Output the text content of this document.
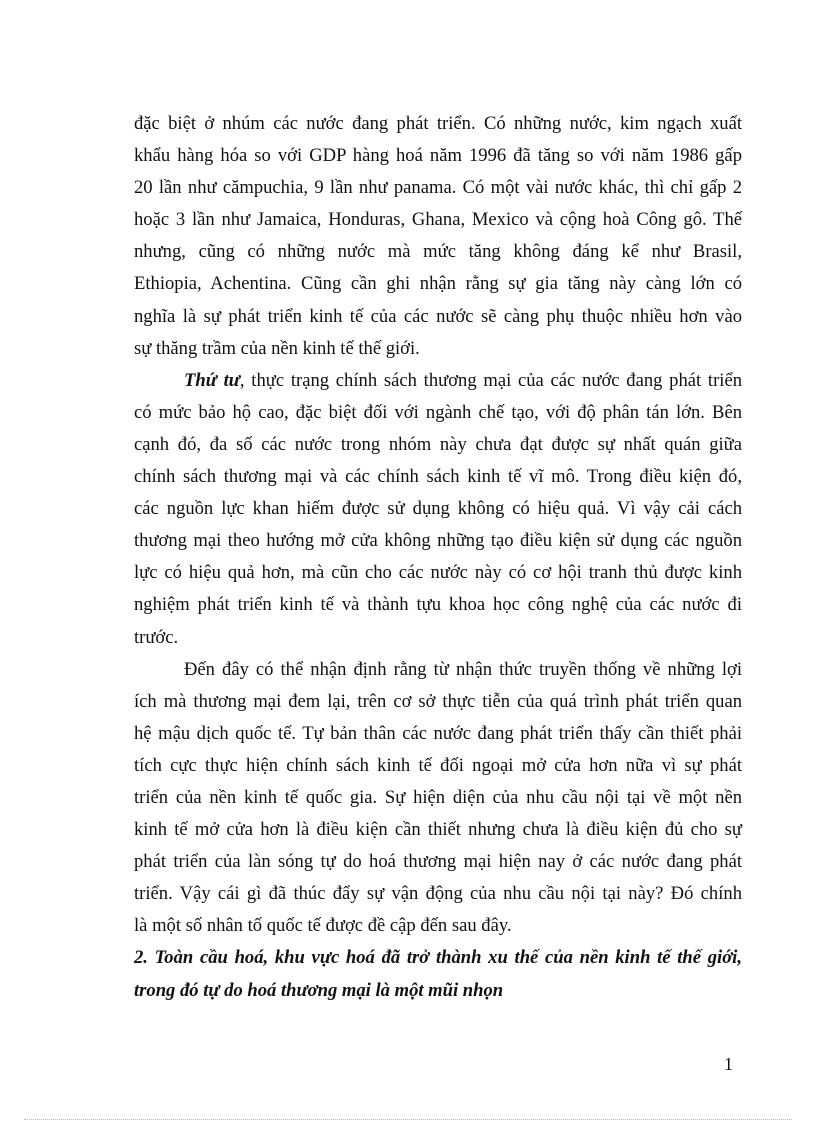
đặc biệt ở nhúm các nước đang phát triển. Có những nước, kim ngạch xuất
khẩu hàng hóa so với GDP hàng hoá năm 1996 đã tăng so với năm 1986 gấp
20 lần như cămpuchia, 9 lần như panama. Có một vài nước khác, thì chỉ gấp 2
hoặc 3 lần như Jamaica, Honduras, Ghana, Mexico và cộng hoà Công gô. Thế
nhưng, cũng có những nước mà mức tăng không đáng kể như Brasil,
Ethiopia, Achentina. Cũng cần ghi nhận rằng sự gia tăng này càng lớn có
nghĩa là sự phát triển kinh tế của các nước sẽ càng phụ thuộc nhiều hơn vào
sự thăng trầm của nền kinh tế thế giới.
Thứ tư, thực trạng chính sách thương mại của các nước đang phát triển
có mức bảo hộ cao, đặc biệt đối với ngành chế tạo, với độ phân tán lớn. Bên
cạnh đó, đa số các nước trong nhóm này chưa đạt được sự nhất quán giữa
chính sách thương mại và các chính sách kinh tế vĩ mô. Trong điều kiện đó,
các nguồn lực khan hiếm được sử dụng không có hiệu quả. Vì vậy cải cách
thương mại theo hướng mở cửa không những tạo điều kiện sử dụng các nguồn
lực có hiệu quả hơn, mà cũn cho các nước này có cơ hội tranh thủ được kinh
nghiệm phát triển kinh tế và thành tựu khoa học công nghệ của các nước đi
trước.
Đến đây có thể nhận định rằng từ nhận thức truyền thống về những lợi
ích mà thương mại đem lại, trên cơ sở thực tiễn của quá trình phát triển quan
hệ mậu dịch quốc tế. Tự bản thân các nước đang phát triển thấy cần thiết phải
tích cực thực hiện chính sách kinh tế đối ngoại mở cửa hơn nữa vì sự phát
triển của nền kinh tế quốc gia. Sự hiện diện của nhu cầu nội tại về một nền
kinh tế mở cửa hơn là điều kiện cần thiết nhưng chưa là điều kiện đủ cho sự
phát triển của làn sóng tự do hoá thương mại hiện nay ở các nước đang phát
triển. Vậy cái gì đã thúc đẩy sự vận động của nhu cầu nội tại này? Đó chính
là một số nhân tố quốc tế được đề cập đến sau đây.
2. Toàn cầu hoá, khu vực hoá đã trở thành xu thế của nền kinh tế thế giới,
trong đó tự do hoá thương mại là một mũi nhọn
1
